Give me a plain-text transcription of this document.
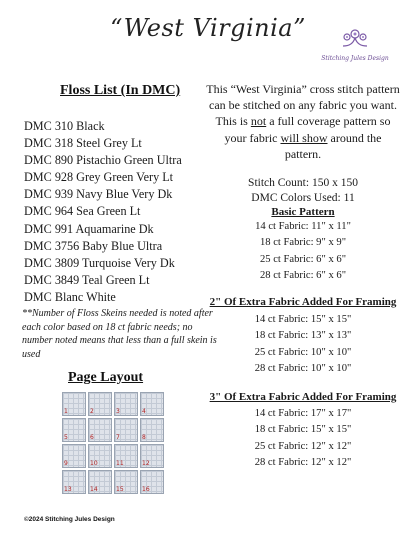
“West Virginia”
Stitching Jules Design
Floss List (In DMC)
DMC 310 Black
DMC 318 Steel Grey Lt
DMC 890 Pistachio Green Ultra
DMC 928 Grey Green Very Lt
DMC 939 Navy Blue Very Dk
DMC 964 Sea Green Lt
DMC 991 Aquamarine Dk
DMC 3756 Baby Blue Ultra
DMC 3809 Turquoise Very Dk
DMC 3849 Teal Green Lt
DMC Blanc White
**Number of Floss Skeins needed is noted after each color based on 18 ct fabric needs; no number noted means that less than a full skein is used
This “West Virginia” cross stitch pattern can be stitched on any fabric you want. This is not a full coverage pattern so your fabric will show around the pattern.
Stitch Count: 150 x 150
DMC Colors Used: 11
Basic Pattern
14 ct Fabric: 11" x 11"
18 ct Fabric: 9" x 9"
25 ct Fabric: 6" x 6"
28 ct Fabric: 6" x 6"
2" Of Extra Fabric Added For Framing
14 ct Fabric: 15" x 15"
18 ct Fabric: 13" x 13"
25 ct Fabric: 10" x 10"
28 ct Fabric: 10" x 10"
3" Of Extra Fabric Added For Framing
14 ct Fabric: 17" x 17"
18 ct Fabric: 15" x 15"
25 ct Fabric: 12" x 12"
28 ct Fabric: 12" x 12"
Page Layout
1	2	3	4
5	6	7	8
9	10	11	12
13	14	15	16
©2024 Stitching Jules Design
